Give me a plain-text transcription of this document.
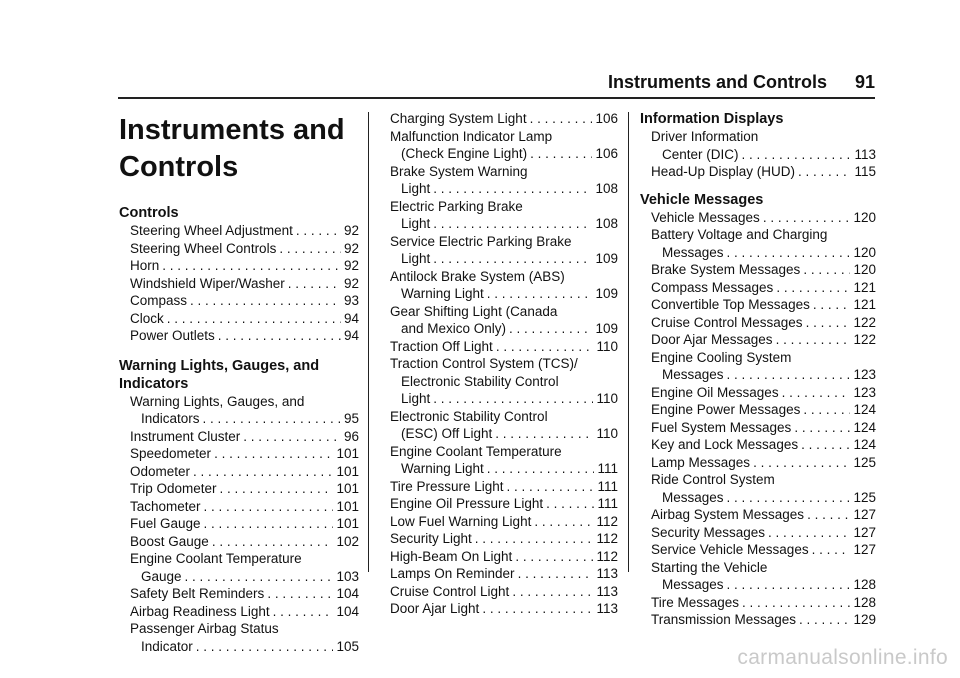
Instruments and Controls 91
Instruments and
Controls
Controls
Steering Wheel Adjustment . . .	92
Steering Wheel Controls . . .	92
Horn . . .	92
Windshield Wiper/Washer . . .	92
Compass . . .	93
Clock . . .	94
Power Outlets . . .	94
Warning Lights, Gauges, and
Indicators
Warning Lights, Gauges, and
Indicators . . .	95
Instrument Cluster . . .	96
Speedometer . . .	101
Odometer . . .	101
Trip Odometer . . .	101
Tachometer . . .	101
Fuel Gauge . . .	101
Boost Gauge . . .	102
Engine Coolant Temperature
Gauge . . .	103
Safety Belt Reminders . . .	104
Airbag Readiness Light . . .	104
Passenger Airbag Status
Indicator . . .	105
Charging System Light . . .	106
Malfunction Indicator Lamp
(Check Engine Light) . . .	106
Brake System Warning
Light . . .	108
Electric Parking Brake
Light . . .	108
Service Electric Parking Brake
Light . . .	109
Antilock Brake System (ABS)
Warning Light . . .	109
Gear Shifting Light (Canada
and Mexico Only) . . .	109
Traction Off Light . . .	110
Traction Control System (TCS)/
Electronic Stability Control
Light . . .	110
Electronic Stability Control
(ESC) Off Light . . .	110
Engine Coolant Temperature
Warning Light . . .	111
Tire Pressure Light . . .	111
Engine Oil Pressure Light . . .	111
Low Fuel Warning Light . . .	112
Security Light . . .	112
High-Beam On Light . . .	112
Lamps On Reminder . . .	113
Cruise Control Light . . .	113
Door Ajar Light . . .	113
Information Displays
Driver Information
Center (DIC) . . .	113
Head-Up Display (HUD) . . .	115
Vehicle Messages
Vehicle Messages . . .	120
Battery Voltage and Charging
Messages . . .	120
Brake System Messages . . .	120
Compass Messages . . .	121
Convertible Top Messages . . .	121
Cruise Control Messages . . .	122
Door Ajar Messages . . .	122
Engine Cooling System
Messages . . .	123
Engine Oil Messages . . .	123
Engine Power Messages . . .	124
Fuel System Messages . . .	124
Key and Lock Messages . . .	124
Lamp Messages . . .	125
Ride Control System
Messages . . .	125
Airbag System Messages . . .	127
Security Messages . . .	127
Service Vehicle Messages . . .	127
Starting the Vehicle
Messages . . .	128
Tire Messages . . .	128
Transmission Messages . . .	129
carmanualsonline.info
